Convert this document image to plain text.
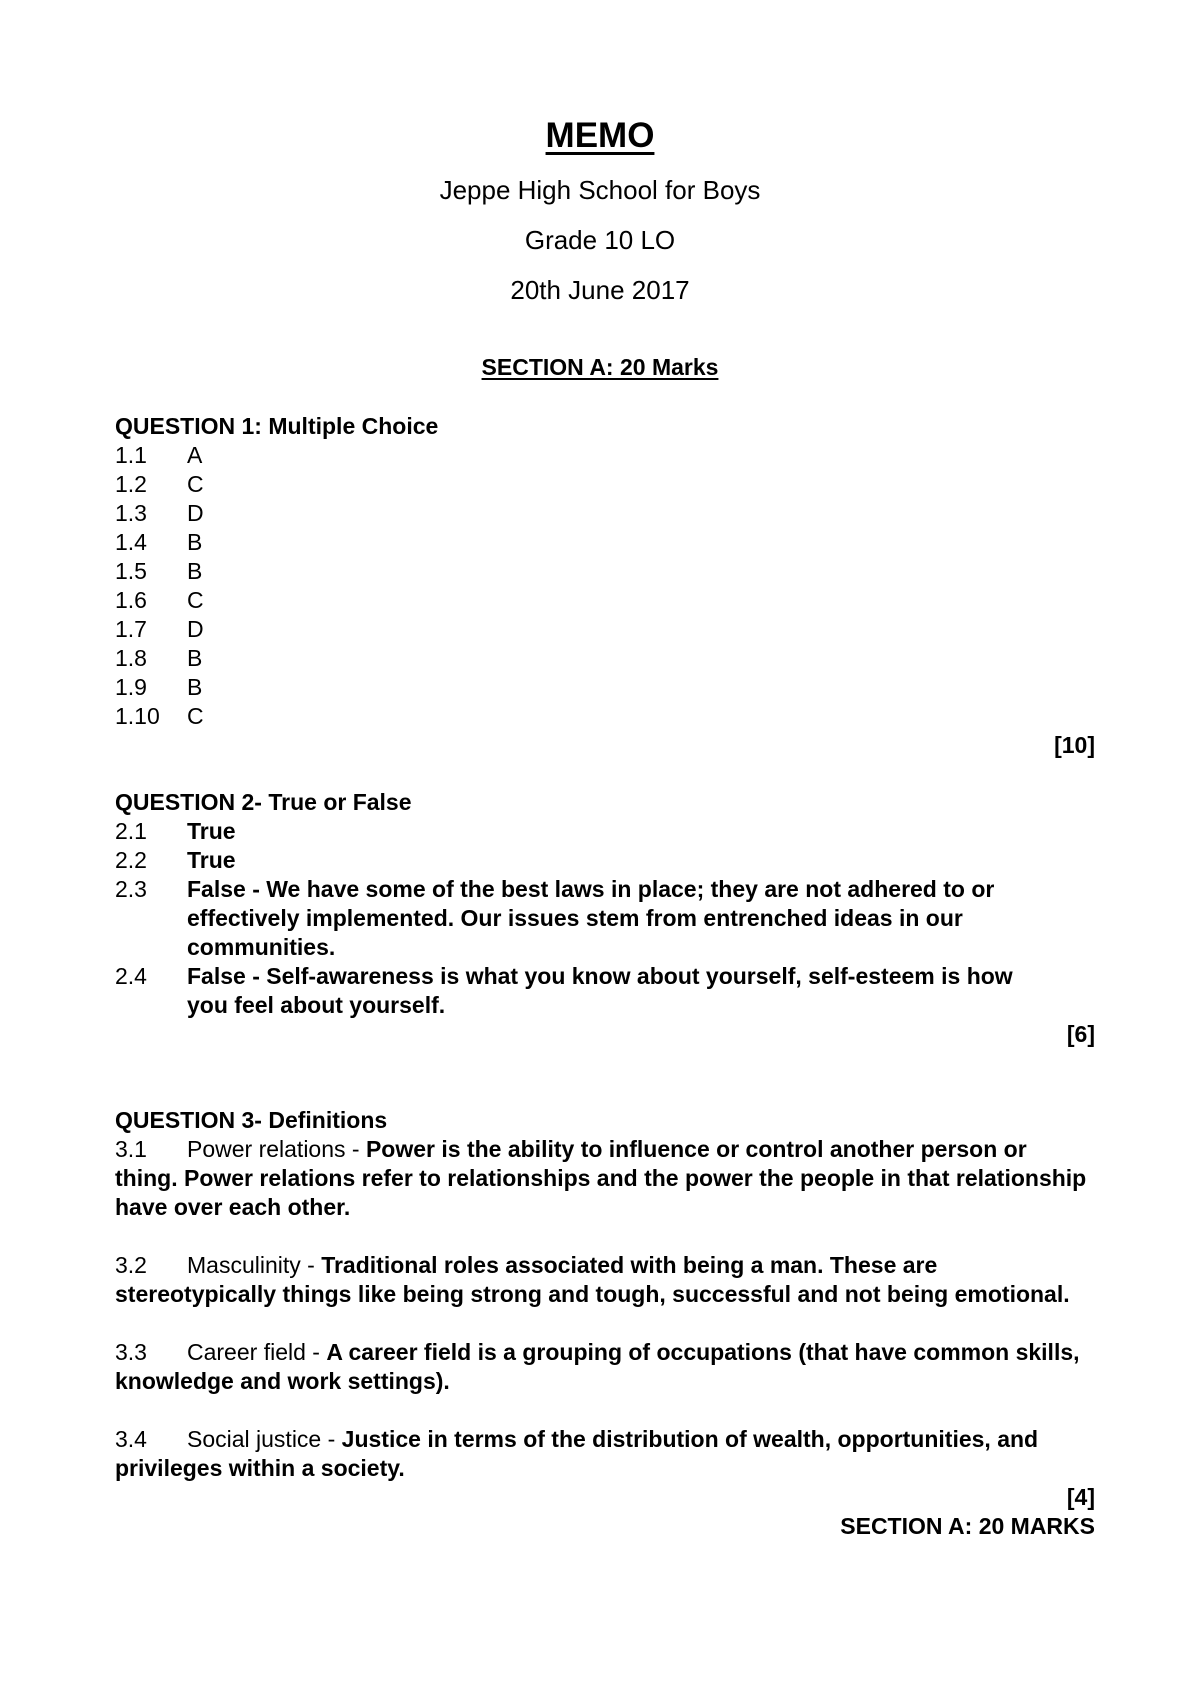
MEMO
Jeppe High School for Boys
Grade 10 LO
20th June 2017
SECTION A: 20 Marks
QUESTION 1: Multiple Choice
1.1	A
1.2	C
1.3	D
1.4	B
1.5	B
1.6	C
1.7	D
1.8	B
1.9	B
1.10	C
[10]
QUESTION 2- True or False
2.1	True
2.2	True
2.3	False - We have some of the best laws in place; they are not adhered to or effectively implemented. Our issues stem from entrenched ideas in our communities.
2.4	False - Self-awareness is what you know about yourself, self-esteem is how you feel about yourself.
[6]
QUESTION 3- Definitions
3.1 Power relations - Power is the ability to influence or control another person or thing. Power relations refer to relationships and the power the people in that relationship have over each other.
3.2 Masculinity - Traditional roles associated with being a man. These are stereotypically things like being strong and tough, successful and not being emotional.
3.3 Career field - A career field is a grouping of occupations (that have common skills, knowledge and work settings).
3.4 Social justice - Justice in terms of the distribution of wealth, opportunities, and privileges within a society.
[4]
SECTION A: 20 MARKS
